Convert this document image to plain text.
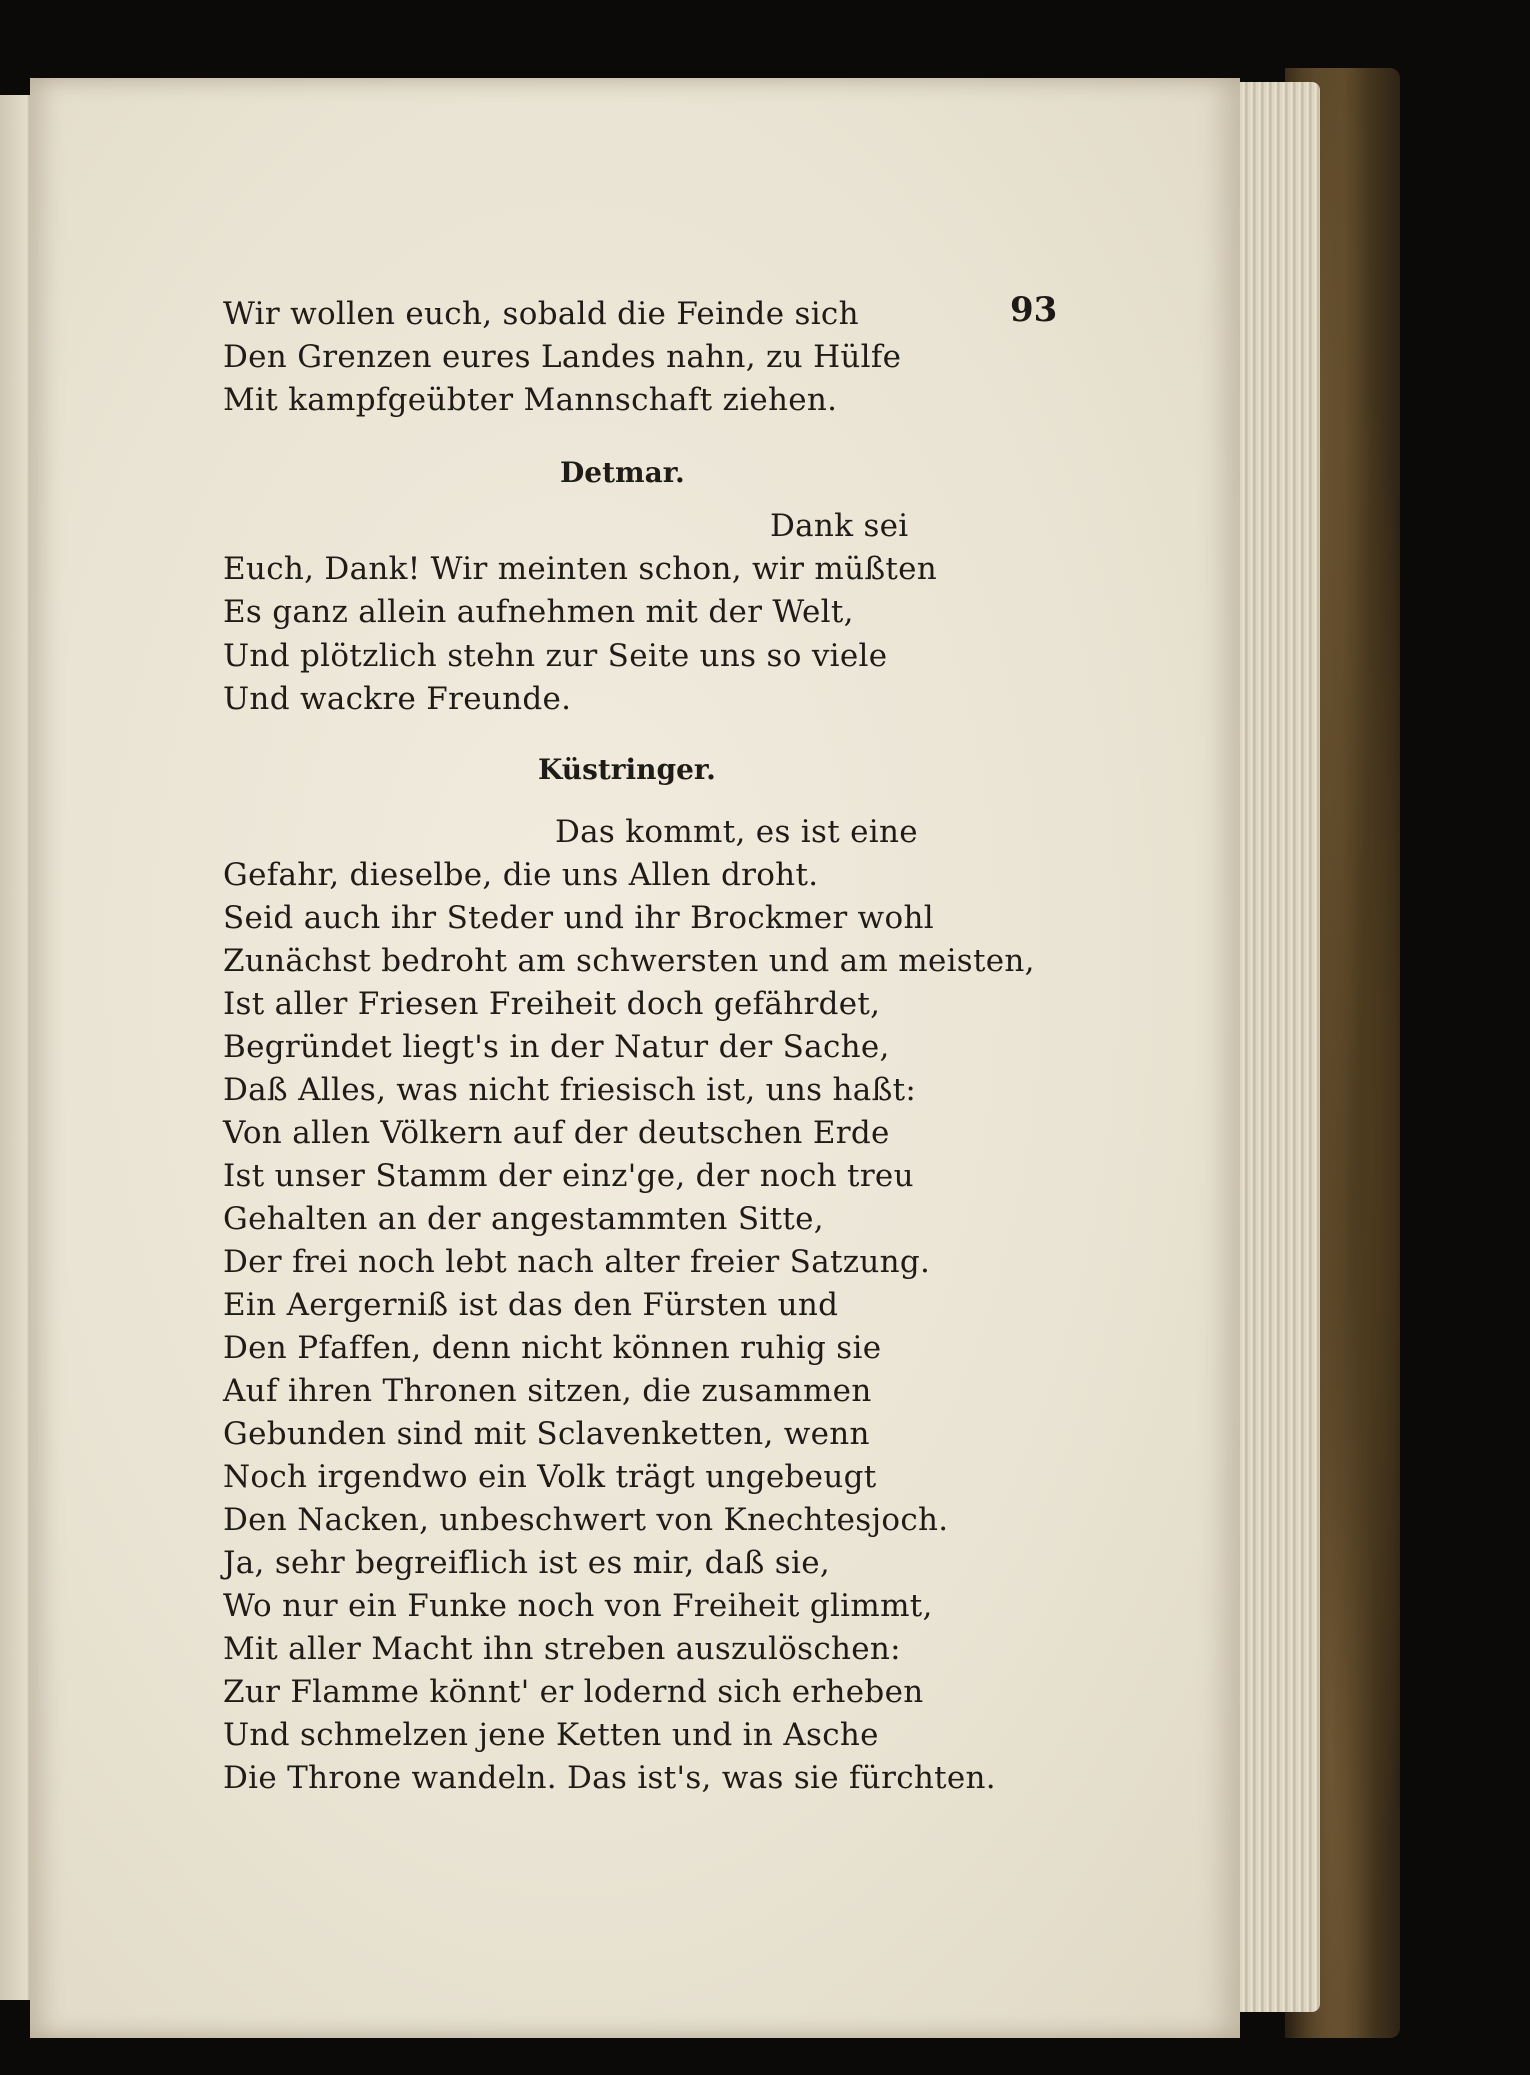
93
Wir wollen euch, sobald die Feinde sich
Den Grenzen eures Landes nahn, zu Hülfe
Mit kampfgeübter Mannschaft ziehen.
Detmar.
Dank sei
Euch, Dank! Wir meinten schon, wir müßten
Es ganz allein aufnehmen mit der Welt,
Und plötzlich stehn zur Seite uns so viele
Und wackre Freunde.
Küstringer.
Das kommt, es ist eine
Gefahr, dieselbe, die uns Allen droht.
Seid auch ihr Steder und ihr Brockmer wohl
Zunächst bedroht am schwersten und am meisten,
Ist aller Friesen Freiheit doch gefährdet,
Begründet liegt's in der Natur der Sache,
Daß Alles, was nicht friesisch ist, uns haßt:
Von allen Völkern auf der deutschen Erde
Ist unser Stamm der einz'ge, der noch treu
Gehalten an der angestammten Sitte,
Der frei noch lebt nach alter freier Satzung.
Ein Aergerniß ist das den Fürsten und
Den Pfaffen, denn nicht können ruhig sie
Auf ihren Thronen sitzen, die zusammen
Gebunden sind mit Sclavenketten, wenn
Noch irgendwo ein Volk trägt ungebeugt
Den Nacken, unbeschwert von Knechtesjoch.
Ja, sehr begreiflich ist es mir, daß sie,
Wo nur ein Funke noch von Freiheit glimmt,
Mit aller Macht ihn streben auszulöschen:
Zur Flamme könnt' er lodernd sich erheben
Und schmelzen jene Ketten und in Asche
Die Throne wandeln. Das ist's, was sie fürchten.
